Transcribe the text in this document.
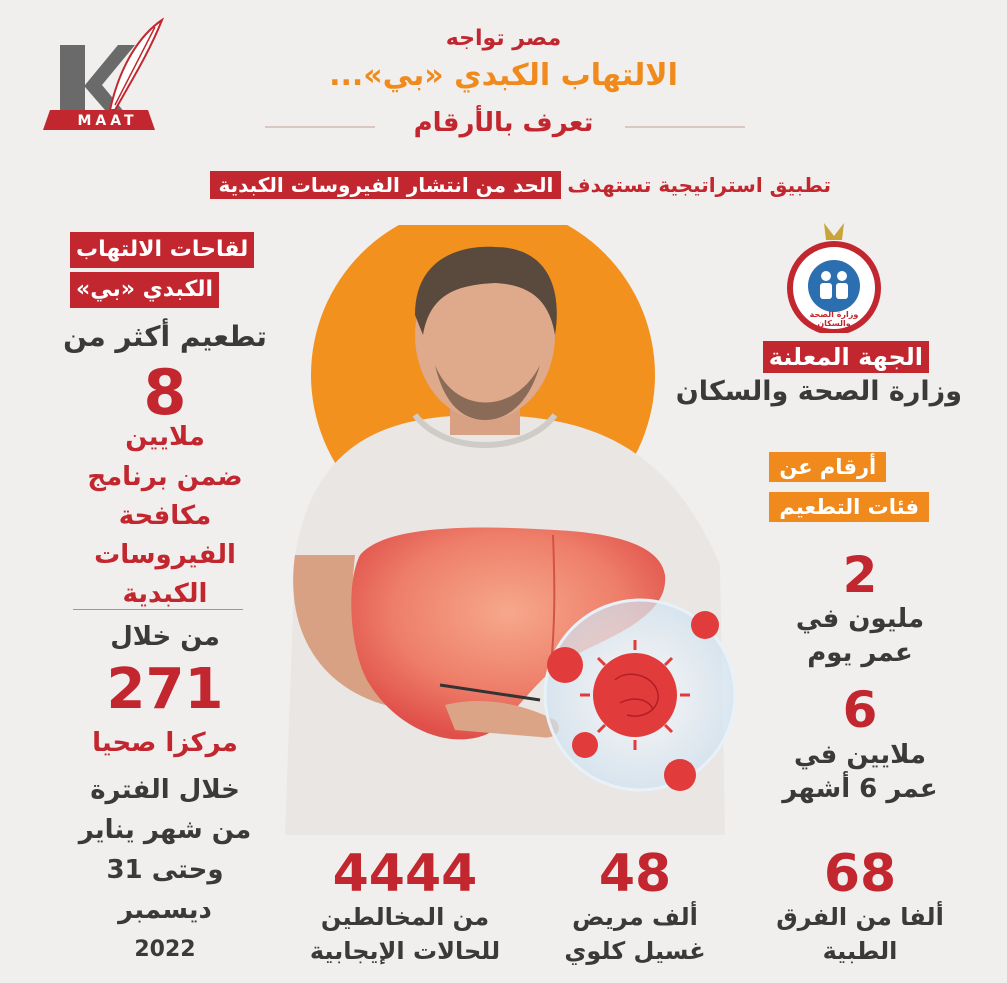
MAAT
مصر تواجه
الالتهاب الكبدي «بي»...
تعرف بالأرقام
تطبيق استراتيجية تستهدف
الحد من انتشار الفيروسات الكبدية
لقاحات الالتهاب
الكبدي «بي»
تطعيم أكثر من
8
ملايين
ضمن برنامج
مكافحة
الفيروسات
الكبدية
من خلال
271
مركزا صحيا
خلال الفترة
من شهر يناير
وحتى 31 ديسمبر
2022
وزارة الصحة والسكان
الجهة المعلنة
وزارة الصحة والسكان
أرقام عن
فئات التطعيم
2
مليون في
عمر يوم
6
ملايين في
عمر 6 أشهر
68
ألفا من الفرق
الطبية
48
ألف مريض
غسيل كلوي
4444
من المخالطين
للحالات الإيجابية
